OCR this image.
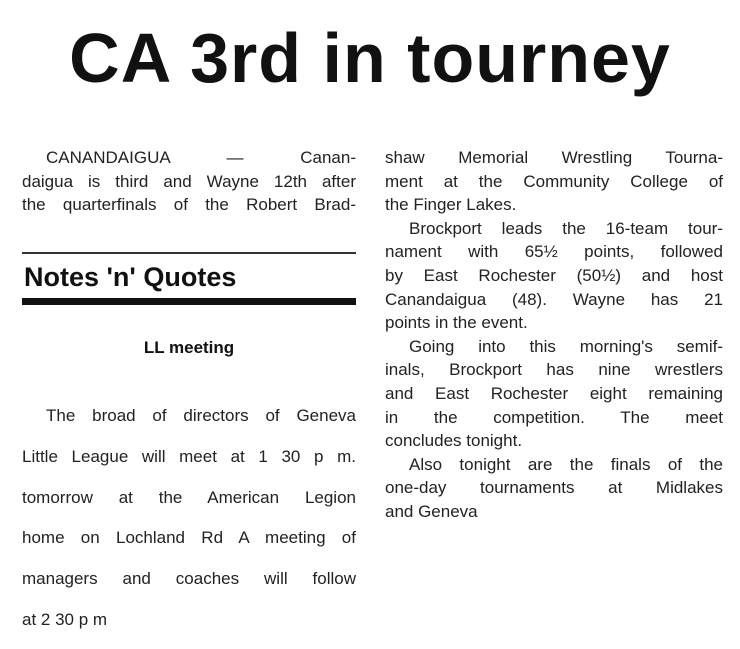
CA 3rd in tourney

CANANDAIGUA — Canan-

daigua is third and Wayne 12th after

the quarterfinals of the Robert Brad-

Notes 'n' Quotes
LL meeting

The broad of directors of Geneva

Little League will meet at 1 30 p m.

tomorrow at the American Legion

home on Lochland Rd A meeting of

managers and coaches will follow

at 2 30 p m

shaw Memorial Wrestling Tourna-

ment at the Community College of

the Finger Lakes.

Brockport leads the 16-team tour-

nament with 65½ points, followed

by East Rochester (50½) and host

Canandaigua (48). Wayne has 21

points in the event.

Going into this morning's semif-

inals, Brockport has nine wrestlers

and East Rochester eight remaining

in the competition. The meet

concludes tonight.

Also tonight are the finals of the

one-day tournaments at Midlakes

and Geneva
